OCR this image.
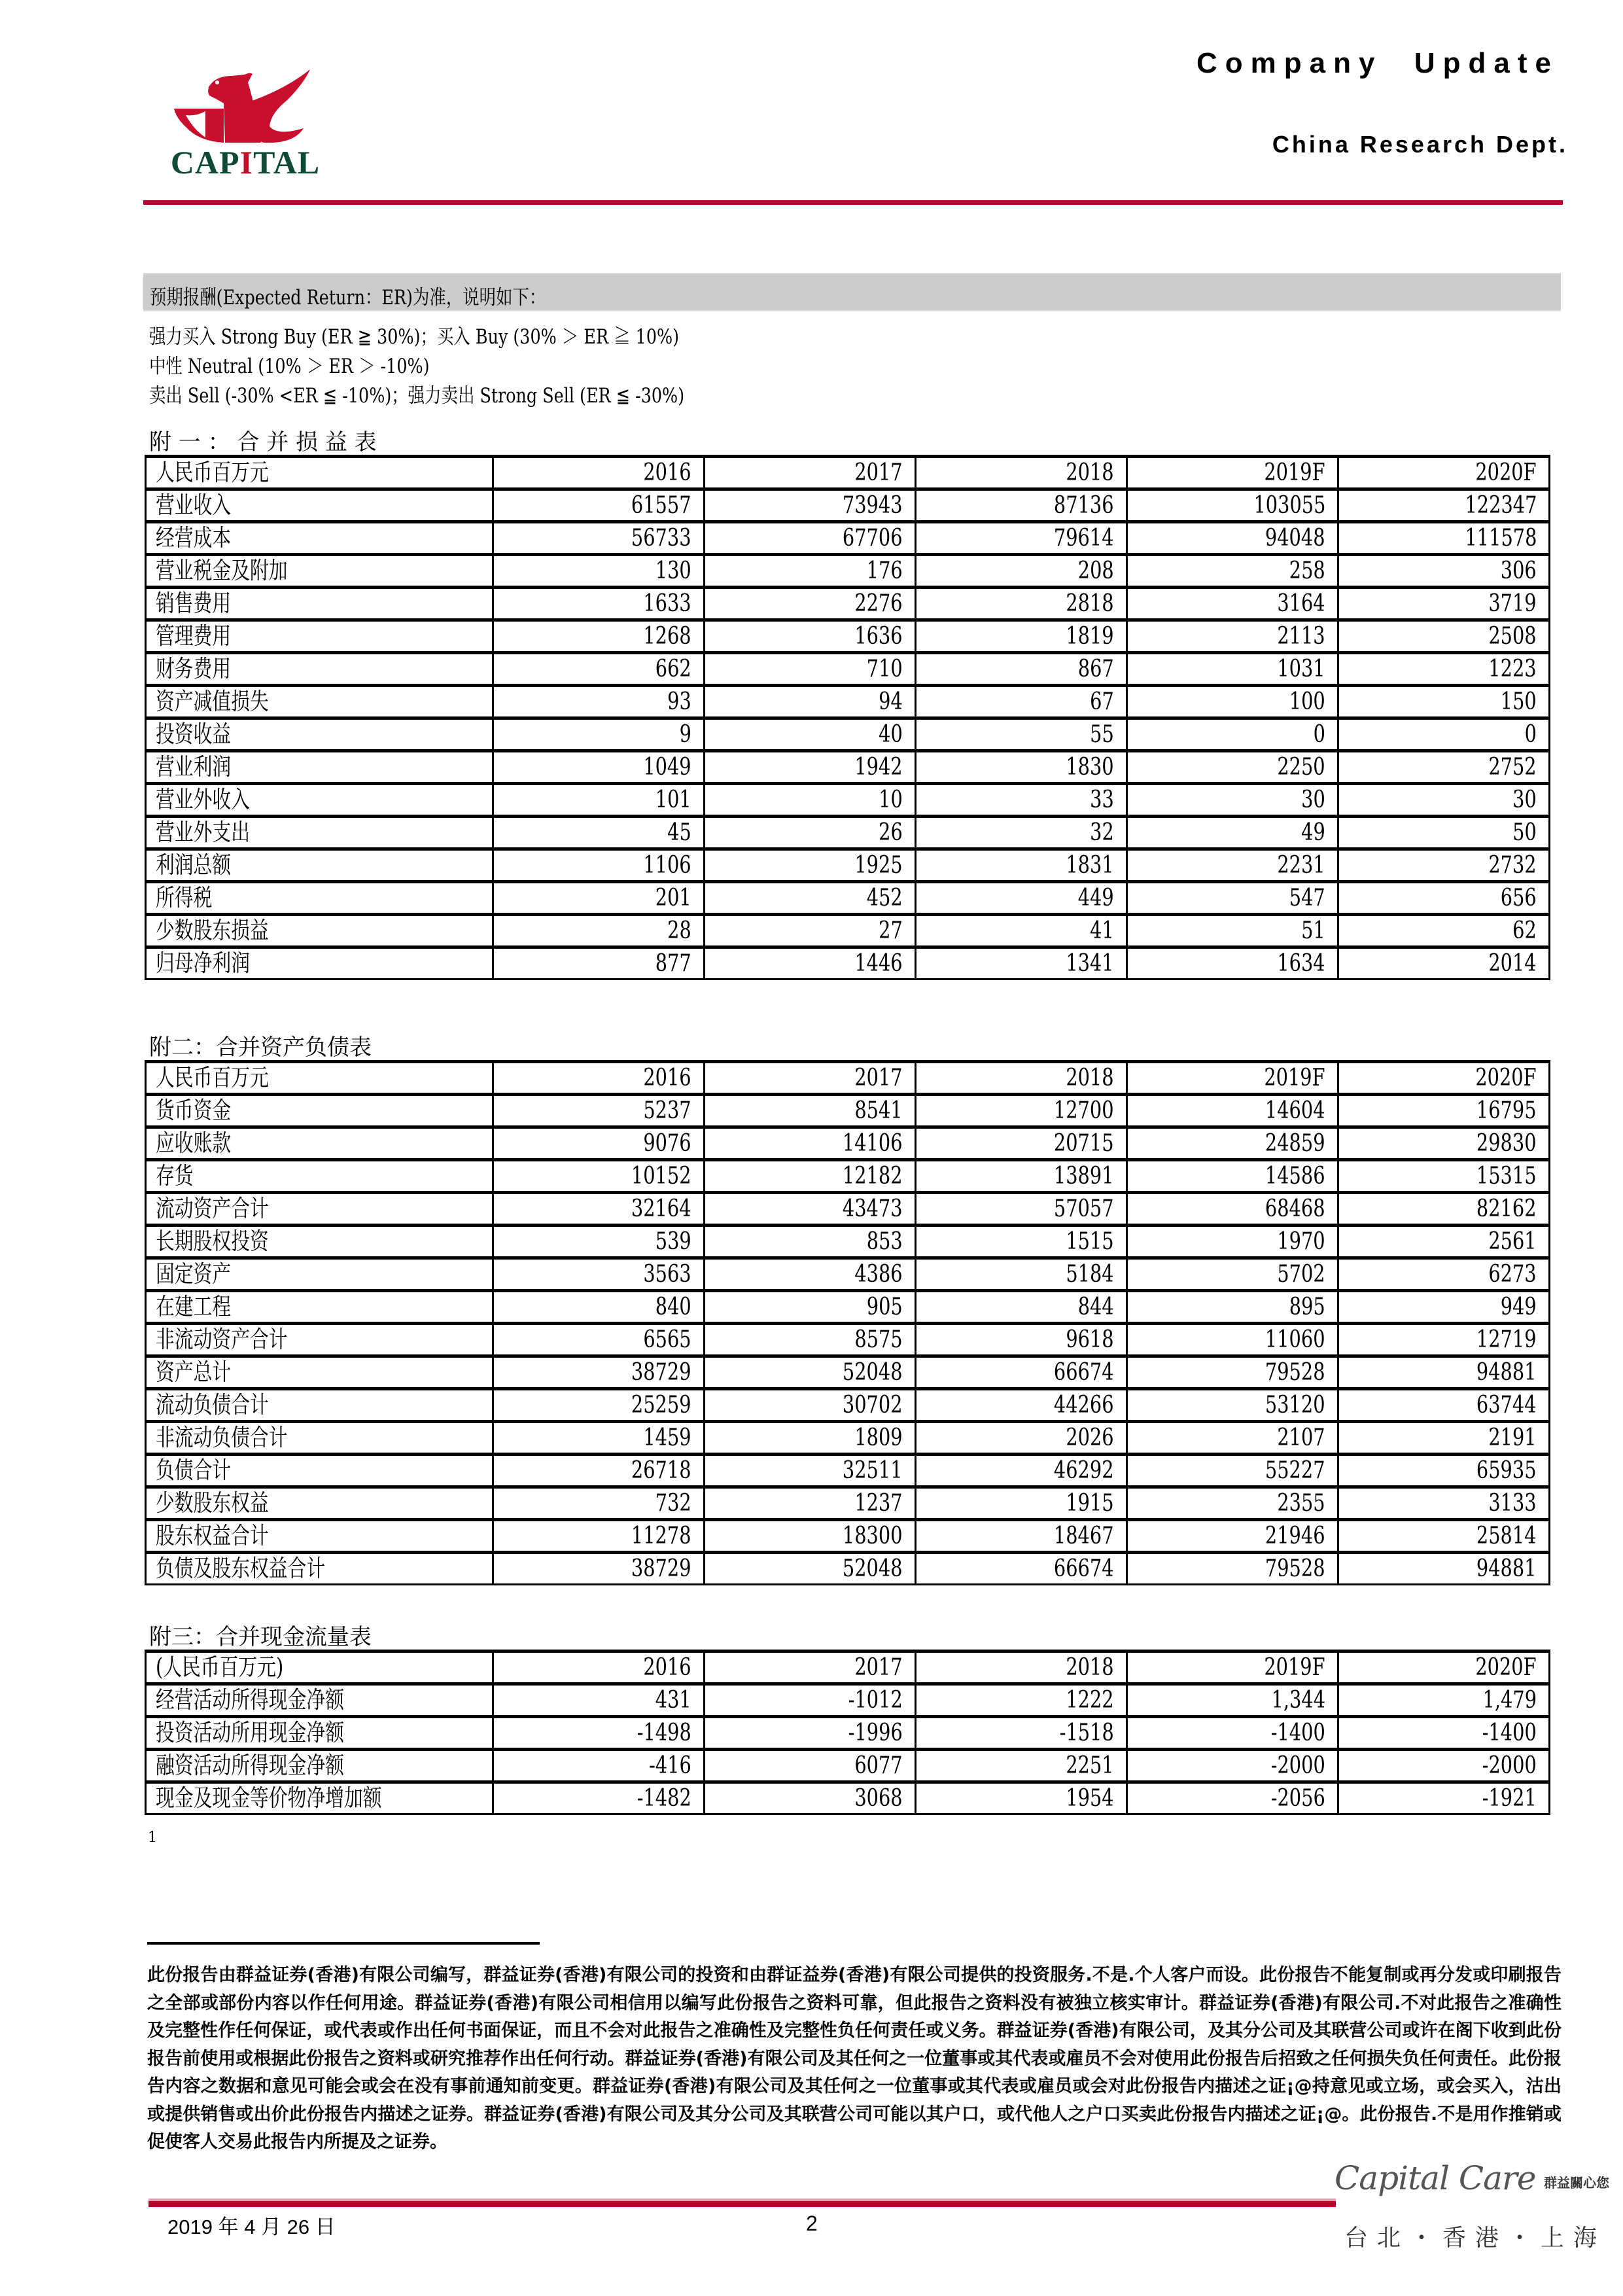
CAPITAL
Company  Update
China Research Dept.
预期报酬(Expected Return：ER)为准，说明如下：
强力买入 Strong Buy (ER ≧ 30%)；买入 Buy (30% ＞ ER ≧ 10%)
中性 Neutral (10% ＞ ER ＞ -10%)
卖出 Sell (-30% <ER ≦ -10%)；强力卖出 Strong Sell (ER ≦ -30%)
附 一 ： 合 并 损 益 表
人民币百万元	2016	2017	2018	2019F	2020F
营业收入	61557	73943	87136	103055	122347
经营成本	56733	67706	79614	94048	111578
营业税金及附加	130	176	208	258	306
销售费用	1633	2276	2818	3164	3719
管理费用	1268	1636	1819	2113	2508
财务费用	662	710	867	1031	1223
资产减值损失	93	94	67	100	150
投资收益	9	40	55	0	0
营业利润	1049	1942	1830	2250	2752
营业外收入	101	10	33	30	30
营业外支出	45	26	32	49	50
利润总额	1106	1925	1831	2231	2732
所得税	201	452	449	547	656
少数股东损益	28	27	41	51	62
归母净利润	877	1446	1341	1634	2014
附二：合并资产负债表
人民币百万元	2016	2017	2018	2019F	2020F
货币资金	5237	8541	12700	14604	16795
应收账款	9076	14106	20715	24859	29830
存货	10152	12182	13891	14586	15315
流动资产合计	32164	43473	57057	68468	82162
长期股权投资	539	853	1515	1970	2561
固定资产	3563	4386	5184	5702	6273
在建工程	840	905	844	895	949
非流动资产合计	6565	8575	9618	11060	12719
资产总计	38729	52048	66674	79528	94881
流动负债合计	25259	30702	44266	53120	63744
非流动负债合计	1459	1809	2026	2107	2191
负债合计	26718	32511	46292	55227	65935
少数股东权益	732	1237	1915	2355	3133
股东权益合计	11278	18300	18467	21946	25814
负债及股东权益合计	38729	52048	66674	79528	94881
附三：合并现金流量表
(人民币百万元)	2016	2017	2018	2019F	2020F
经营活动所得现金净额	431	-1012	1222	1,344	1,479
投资活动所用现金净额	-1498	-1996	-1518	-1400	-1400
融资活动所得现金净额	-416	6077	2251	-2000	-2000
现金及现金等价物净增加额	-1482	3068	1954	-2056	-1921
1
此份报告由群益证券(香港)有限公司编写，群益证券(香港)有限公司的投资和由群证益券(香港)有限公司提供的投资服务.不是.个人客户而设。此份报告不能复制或再分发或印刷报告之全部或部份内容以作任何用途。群益证券(香港)有限公司相信用以编写此份报告之资料可靠，但此报告之资料没有被独立核实审计。群益证券(香港)有限公司.不对此报告之准确性及完整性作任何保证，或代表或作出任何书面保证，而且不会对此报告之准确性及完整性负任何责任或义务。群益证券(香港)有限公司，及其分公司及其联营公司或许在阁下收到此份报告前使用或根据此份报告之资料或研究推荐作出任何行动。群益证券(香港)有限公司及其任何之一位董事或其代表或雇员不会对使用此份报告后招致之任何损失负任何责任。此份报告内容之数据和意见可能会或会在没有事前通知前变更。群益证券(香港)有限公司及其任何之一位董事或其代表或雇员或会对此份报告内描述之证¡@持意见或立场，或会买入，沽出或提供销售或出价此份报告内描述之证券。群益证券(香港)有限公司及其分公司及其联营公司可能以其户口，或代他人之户口买卖此份报告内描述之证¡@。此份报告.不是用作推销或促使客人交易此报告内所提及之证券。
2019 年 4 月 26 日	2
Capital Care 群益關心您
台北・香港・上海
